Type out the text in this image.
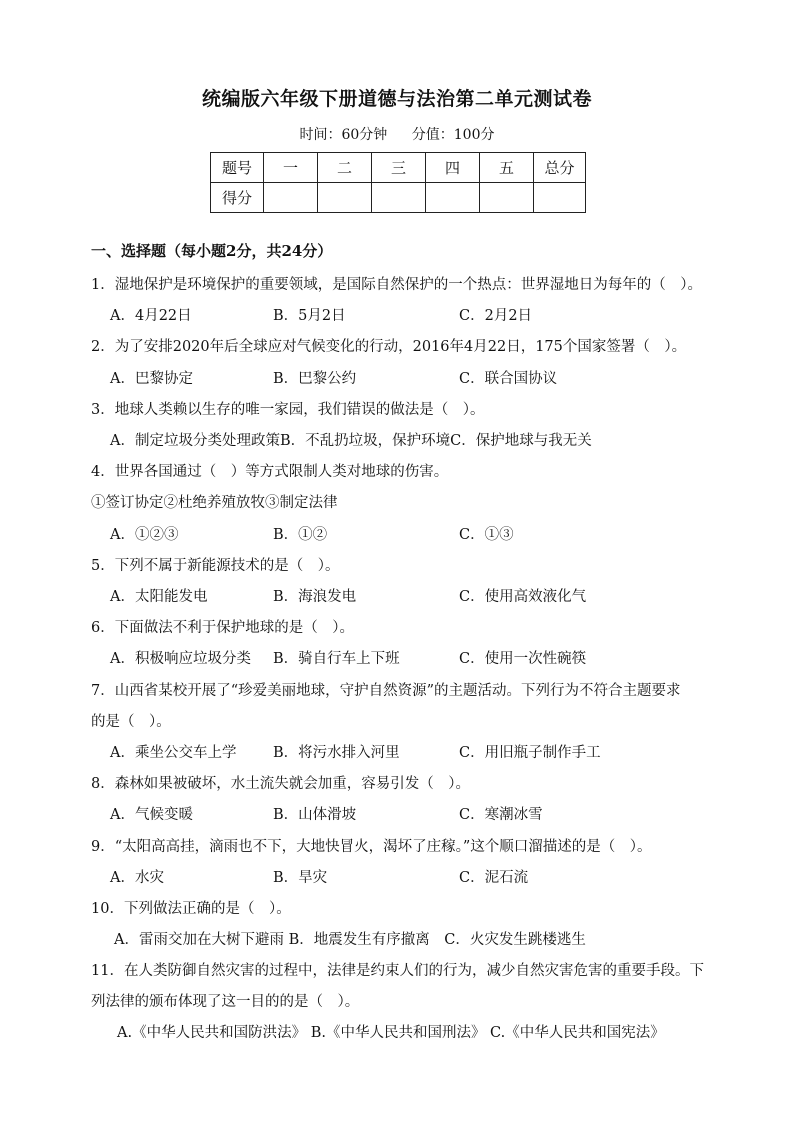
统编版六年级下册道德与法治第二单元测试卷
时间：60分钟 分值：100分
题号	一	二	三	四	五	总分
得分						
一、选择题（每小题2分，共24分）
1．湿地保护是环境保护的重要领域，是国际自然保护的一个热点：世界湿地日为每年的（　）。
A．4月22日	B．5月2日	C．2月2日
2．为了安排2020年后全球应对气候变化的行动，2016年4月22日，175个国家签署（　）。
A．巴黎协定	B．巴黎公约	C．联合国协议
3．地球人类赖以生存的唯一家园，我们错误的做法是（　）。
A．制定垃圾分类处理政策B．不乱扔垃圾，保护环境C．保护地球与我无关
4．世界各国通过（　）等方式限制人类对地球的伤害。
①签订协定②杜绝养殖放牧③制定法律
A．①②③	B．①②	C．①③
5．下列不属于新能源技术的是（　）。
A．太阳能发电	B．海浪发电	C．使用高效液化气
6．下面做法不利于保护地球的是（　）。
A．积极响应垃圾分类 B．骑自行车上下班	C．使用一次性碗筷
7．山西省某校开展了“珍爱美丽地球，守护自然资源”的主题活动。下列行为不符合主题要求
的是（　）。
A．乘坐公交车上学	B．将污水排入河里	C．用旧瓶子制作手工
8．森林如果被破坏，水土流失就会加重，容易引发（　）。
A．气候变暖	B．山体滑坡	C．寒潮冰雪
9．“太阳高高挂，滴雨也不下，大地快冒火，渴坏了庄稼。”这个顺口溜描述的是（　）。
A．水灾	B．旱灾	C．泥石流
10．下列做法正确的是（　）。
A．雷雨交加在大树下避雨 B．地震发生有序撤离　C．火灾发生跳楼逃生
11．在人类防御自然灾害的过程中，法律是约束人们的行为，减少自然灾害危害的重要手段。下
列法律的颁布体现了这一目的的是（　）。
A.《中华人民共和国防洪法》 B.《中华人民共和国刑法》 C.《中华人民共和国宪法》
